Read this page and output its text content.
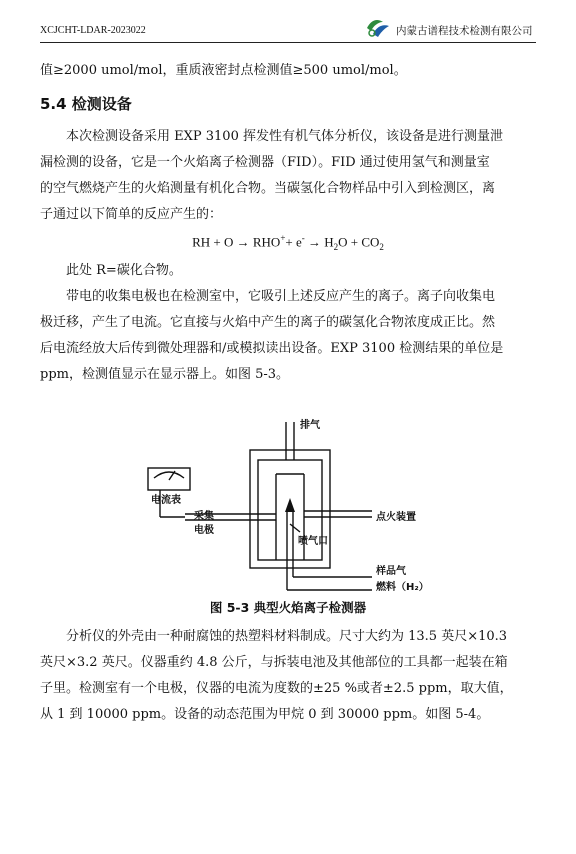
XCJCHT-LDAR-2023022	内蒙古谱程技术检测有限公司
值≥2000 umol/mol，重质液密封点检测值≥500 umol/mol。
5.4 检测设备
本次检测设备采用 EXP 3100 挥发性有机气体分析仪，该设备是进行测量泄
漏检测的设备，它是一个火焰离子检测器（FID）。FID 通过使用氢气和测量室
的空气燃烧产生的火焰测量有机化合物。当碳氢化合物样品中引入到检测区，离
子通过以下简单的反应产生的：
RH + $O \to RHO^++ e^- \to H_2O + CO_2$
此处 R=碳化合物。
带电的收集电极也在检测室中，它吸引上述反应产生的离子。离子向收集电
极迁移，产生了电流。它直接与火焰中产生的离子的碳氢化合物浓度成正比。然
后电流经放大后传到微处理器和/或模拟读出设备。EXP 3100 检测结果的单位是
ppm，检测值显示在显示器上。如图 5-3。
排气
电流表
采集
电极
点火装置
喷气口
样品气
燃料（H₂）
图 5-3 典型火焰离子检测器
分析仪的外壳由一种耐腐蚀的热塑料材料制成。尺寸大约为 13.5 英尺×10.3
英尺×3.2 英尺。仪器重约 4.8 公斤，与拆装电池及其他部位的工具都一起装在箱
子里。检测室有一个电极，仪器的电流为度数的±25 %或者±2.5 ppm，取大值，
从 1 到 10000 ppm。设备的动态范围为甲烷 0 到 30000 ppm。如图 5-4。
